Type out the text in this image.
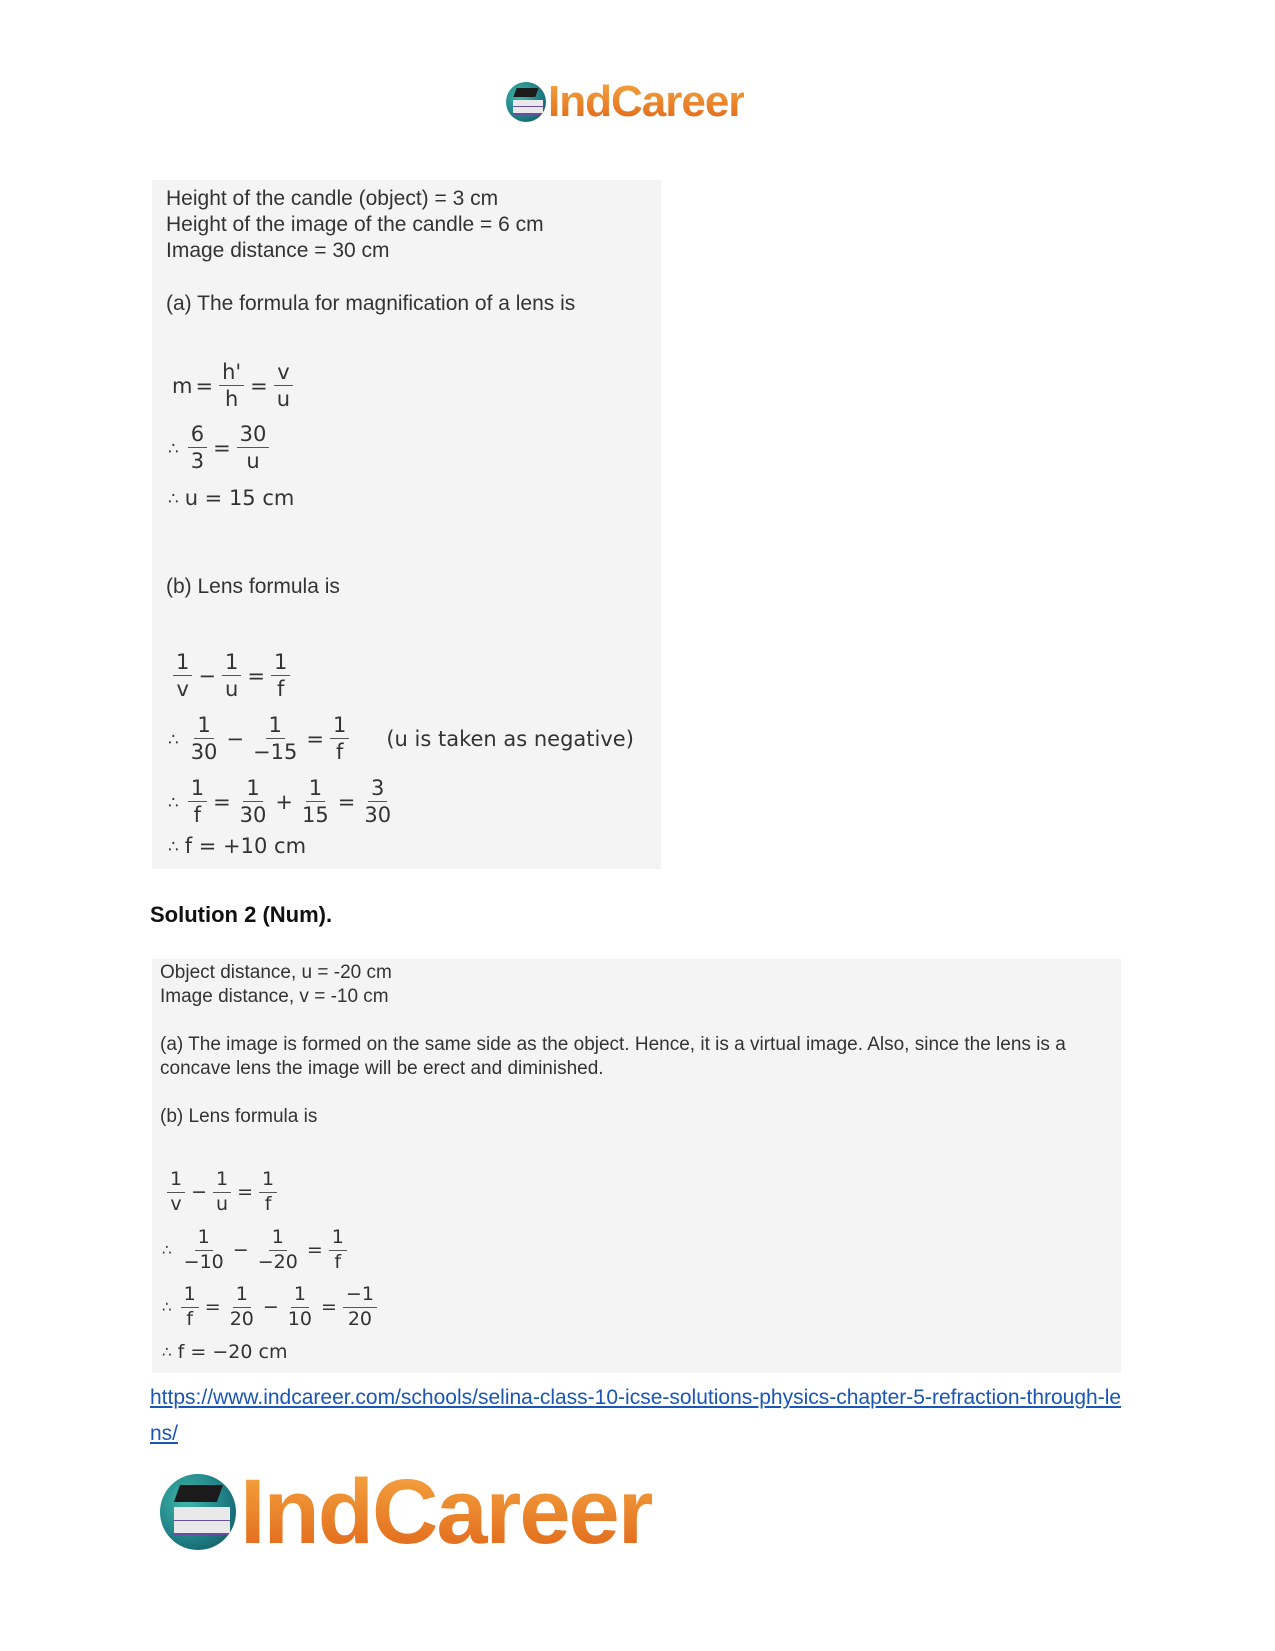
IndCareer
Height of the candle (object) = 3 cm
Height of the image of the candle = 6 cm
Image distance = 30 cm
(a) The formula for magnification of a lens is
$m = \frac{h'}{h} = \frac{v}{u}$
∴ $\frac{6}{3} = \frac{30}{u}$
∴ u = 15 cm
(b) Lens formula is
$\frac{1}{v} - \frac{1}{u} = \frac{1}{f}$
∴ $\frac{1}{30} - \frac{1}{-15} = \frac{1}{f} (u$ is taken as negative)
∴ $\frac{1}{f} = \frac{1}{30} + \frac{1}{15} = \frac{3}{30}$
∴ f = +10 cm
Solution 2 (Num).
Object distance, u = -20 cm
Image distance, v = -10 cm
(a) The image is formed on the same side as the object. Hence, it is a virtual image. Also, since the lens is a
concave lens the image will be erect and diminished.
(b) Lens formula is
$\frac{1}{v} - \frac{1}{u} = \frac{1}{f}$
∴ $\frac{1}{-10} - \frac{1}{-20} = \frac{1}{f}$
∴ $\frac{1}{f} = \frac{1}{20} - \frac{1}{10} = \frac{-1}{20}$
∴ f = −20 cm
https://www.indcareer.com/schools/selina-class-10-icse-solutions-physics-chapter-5-refraction-through-lens/
IndCareer
